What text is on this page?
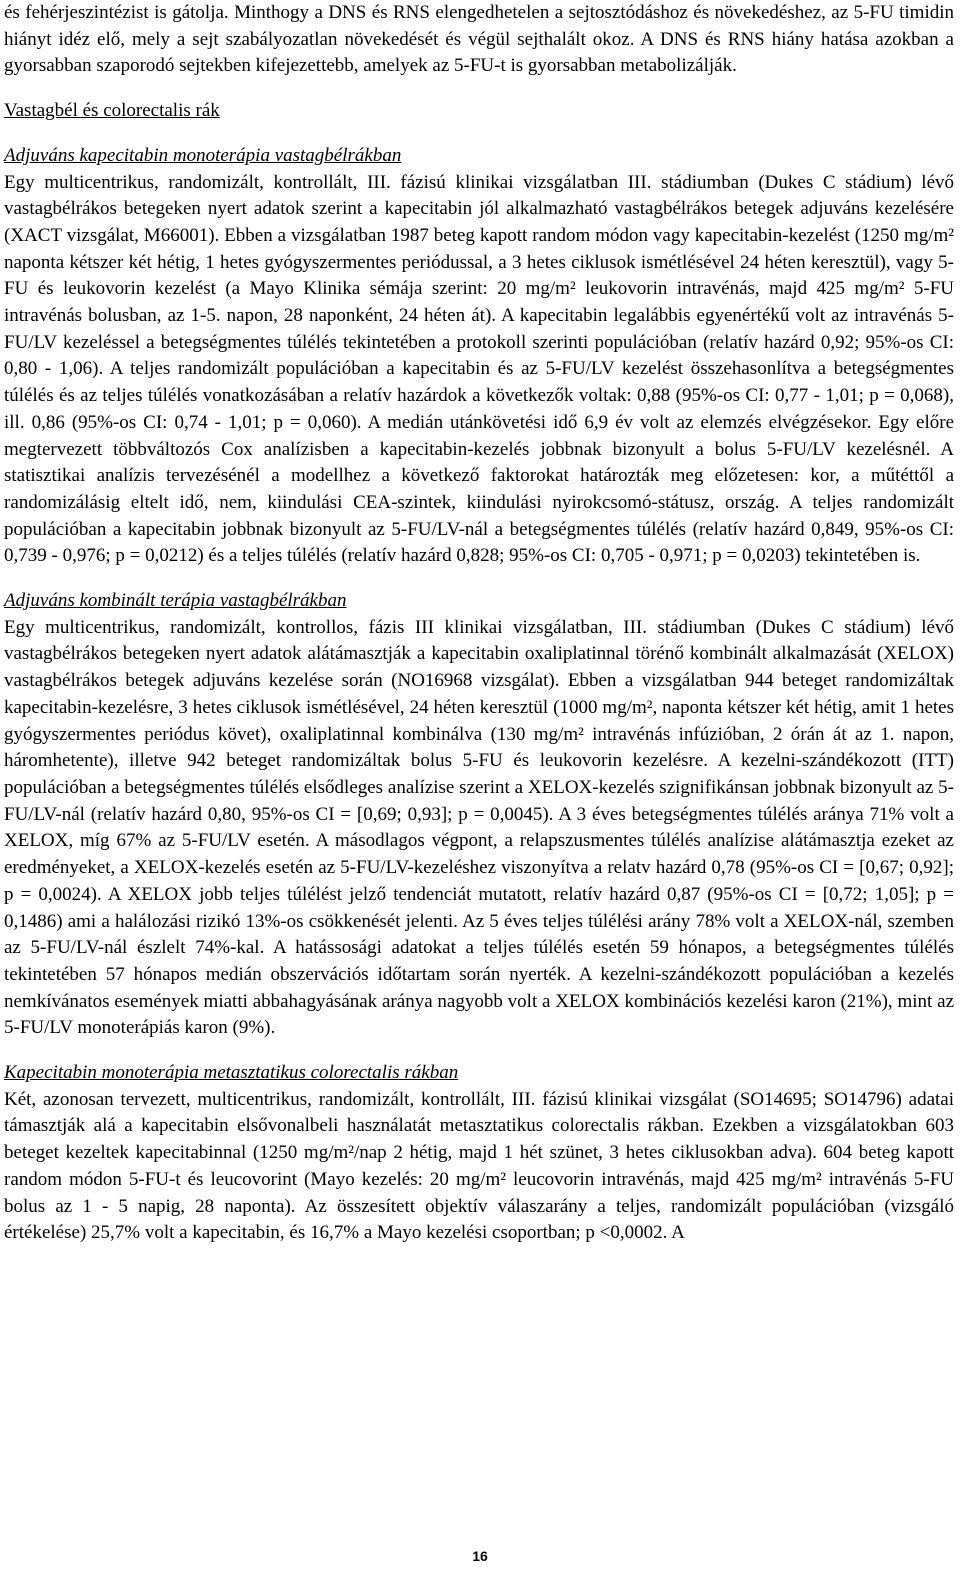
és fehérjeszintézist is gátolja. Minthogy a DNS és RNS elengedhetelen a sejtosztódáshoz és növekedéshez, az 5-FU timidin hiányt idéz elő, mely a sejt szabályozatlan növekedését és végül sejthalált okoz. A DNS és RNS hiány hatása azokban a gyorsabban szaporodó sejtekben kifejezettebb, amelyek az 5-FU-t is gyorsabban metabolizálják.

Vastagbél és colorectalis rák

Adjuváns kapecitabin monoterápia vastagbélrákban

Egy multicentrikus, randomizált, kontrollált, III. fázisú klinikai vizsgálatban III. stádiumban (Dukes C stádium) lévő vastagbélrákos betegeken nyert adatok szerint a kapecitabin jól alkalmazható vastagbélrákos betegek adjuváns kezelésére (XACT vizsgálat, M66001). Ebben a vizsgálatban 1987 beteg kapott random módon vagy kapecitabin-kezelést (1250 mg/m² naponta kétszer két hétig, 1 hetes gyógyszermentes periódussal, a 3 hetes ciklusok ismétlésével 24 héten keresztül), vagy 5-FU és leukovorin kezelést (a Mayo Klinika sémája szerint: 20 mg/m² leukovorin intravénás, majd 425 mg/m² 5-FU intravénás bolusban, az 1-5. napon, 28 naponként, 24 héten át). A kapecitabin legalábbis egyenértékű volt az intravénás 5-FU/LV kezeléssel a betegségmentes túlélés tekintetében a protokoll szerinti populációban (relatív hazárd 0,92; 95%-os CI: 0,80 - 1,06). A teljes randomizált populációban a kapecitabin és az 5-FU/LV kezelést összehasonlítva a betegségmentes túlélés és az teljes túlélés vonatkozásában a relatív hazárdok a következők voltak: 0,88 (95%-os CI: 0,77 - 1,01; p = 0,068), ill. 0,86 (95%-os CI: 0,74 - 1,01; p = 0,060). A medián utánkövetési idő 6,9 év volt az elemzés elvégzésekor. Egy előre megtervezett többváltozós Cox analízisben a kapecitabin-kezelés jobbnak bizonyult a bolus 5-FU/LV kezelésnél. A statisztikai analízis tervezésénél a modellhez a következő faktorokat határozták meg előzetesen: kor, a műtéttől a randomizálásig eltelt idő, nem, kiindulási CEA-szintek, kiindulási nyirokcsomó-státusz, ország. A teljes randomizált populációban a kapecitabin jobbnak bizonyult az 5-FU/LV-nál a betegségmentes túlélés (relatív hazárd 0,849, 95%-os CI: 0,739 - 0,976; p = 0,0212) és a teljes túlélés (relatív hazárd 0,828; 95%-os CI: 0,705 - 0,971; p = 0,0203) tekintetében is.

Adjuváns kombinált terápia vastagbélrákban

Egy multicentrikus, randomizált, kontrollos, fázis III klinikai vizsgálatban, III. stádiumban (Dukes C stádium) lévő vastagbélrákos betegeken nyert adatok alátámasztják a kapecitabin oxaliplatinnal törénő kombinált alkalmazását (XELOX) vastagbélrákos betegek adjuváns kezelése során (NO16968 vizsgálat). Ebben a vizsgálatban 944 beteget randomizáltak kapecitabin-kezelésre, 3 hetes ciklusok ismétlésével, 24 héten keresztül (1000 mg/m², naponta kétszer két hétig, amit 1 hetes gyógyszermentes periódus követ), oxaliplatinnal kombinálva (130 mg/m² intravénás infúzióban, 2 órán át az 1. napon, háromhetente), illetve 942 beteget randomizáltak bolus 5-FU és leukovorin kezelésre. A kezelni-szándékozott (ITT) populációban a betegségmentes túlélés elsődleges analízise szerint a XELOX-kezelés szignifikánsan jobbnak bizonyult az 5-FU/LV-nál (relatív hazárd 0,80, 95%-os CI = [0,69; 0,93]; p = 0,0045). A 3 éves betegségmentes túlélés aránya 71% volt a XELOX, míg 67% az 5-FU/LV esetén. A másodlagos végpont, a relapszusmentes túlélés analízise alátámasztja ezeket az eredményeket, a XELOX-kezelés esetén az 5-FU/LV-kezeléshez viszonyítva a relatv hazárd 0,78 (95%-os CI = [0,67; 0,92]; p = 0,0024). A XELOX jobb teljes túlélést jelző tendenciát mutatott, relatív hazárd 0,87 (95%-os CI = [0,72; 1,05]; p = 0,1486) ami a halálozási rizikó 13%-os csökkenését jelenti. Az 5 éves teljes túlélési arány 78% volt a XELOX-nál, szemben az 5-FU/LV-nál észlelt 74%-kal. A hatássosági adatokat a teljes túlélés esetén 59 hónapos, a betegségmentes túlélés tekintetében 57 hónapos medián obszervációs időtartam során nyerték. A kezelni-szándékozott populációban a kezelés nemkívánatos események miatti abbahagyásának aránya nagyobb volt a XELOX kombinációs kezelési karon (21%), mint az 5-FU/LV monoterápiás karon (9%).

Kapecitabin monoterápia metasztatikus colorectalis rákban

Két, azonosan tervezett, multicentrikus, randomizált, kontrollált, III. fázisú klinikai vizsgálat (SO14695; SO14796) adatai támasztják alá a kapecitabin elsővonalbeli használatát metasztatikus colorectalis rákban. Ezekben a vizsgálatokban 603 beteget kezeltek kapecitabinnal (1250 mg/m²/nap 2 hétig, majd 1 hét szünet, 3 hetes ciklusokban adva). 604 beteg kapott random módon 5-FU-t és leucovorint (Mayo kezelés: 20 mg/m² leucovorin intravénás, majd 425 mg/m² intravénás 5-FU bolus az 1 - 5 napig, 28 naponta). Az összesített objektív válaszarány a teljes, randomizált populációban (vizsgáló értékelése) 25,7% volt a kapecitabin, és 16,7% a Mayo kezelési csoportban; p <0,0002. A

16
